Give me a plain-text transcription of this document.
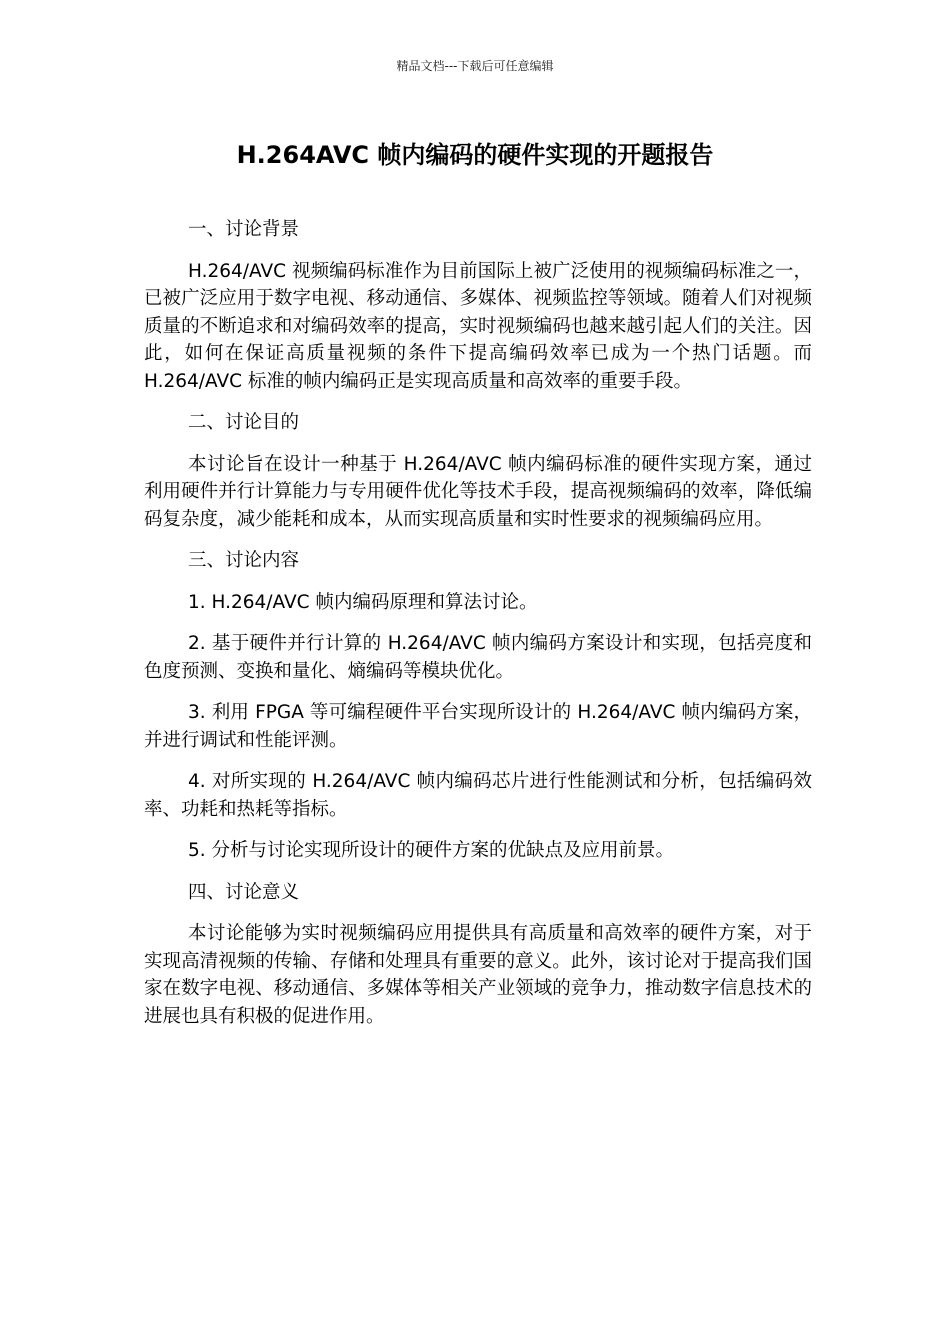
精品文档---下载后可任意编辑
H.264AVC 帧内编码的硬件实现的开题报告

一、讨论背景

H.264/AVC 视频编码标准作为目前国际上被广泛使用的视频编码标准之一，已被广泛应用于数字电视、移动通信、多媒体、视频监控等领域。随着人们对视频质量的不断追求和对编码效率的提高，实时视频编码也越来越引起人们的关注。因此，如何在保证高质量视频的条件下提高编码效率已成为一个热门话题。而 H.264/AVC 标准的帧内编码正是实现高质量和高效率的重要手段。

二、讨论目的

本讨论旨在设计一种基于 H.264/AVC 帧内编码标准的硬件实现方案，通过利用硬件并行计算能力与专用硬件优化等技术手段，提高视频编码的效率，降低编码复杂度，减少能耗和成本，从而实现高质量和实时性要求的视频编码应用。

三、讨论内容

1. H.264/AVC 帧内编码原理和算法讨论。

2. 基于硬件并行计算的 H.264/AVC 帧内编码方案设计和实现，包括亮度和色度预测、变换和量化、熵编码等模块优化。

3. 利用 FPGA 等可编程硬件平台实现所设计的 H.264/AVC 帧内编码方案，并进行调试和性能评测。

4. 对所实现的 H.264/AVC 帧内编码芯片进行性能测试和分析，包括编码效率、功耗和热耗等指标。

5. 分析与讨论实现所设计的硬件方案的优缺点及应用前景。

四、讨论意义

本讨论能够为实时视频编码应用提供具有高质量和高效率的硬件方案，对于实现高清视频的传输、存储和处理具有重要的意义。此外，该讨论对于提高我们国家在数字电视、移动通信、多媒体等相关产业领域的竞争力，推动数字信息技术的进展也具有积极的促进作用。
